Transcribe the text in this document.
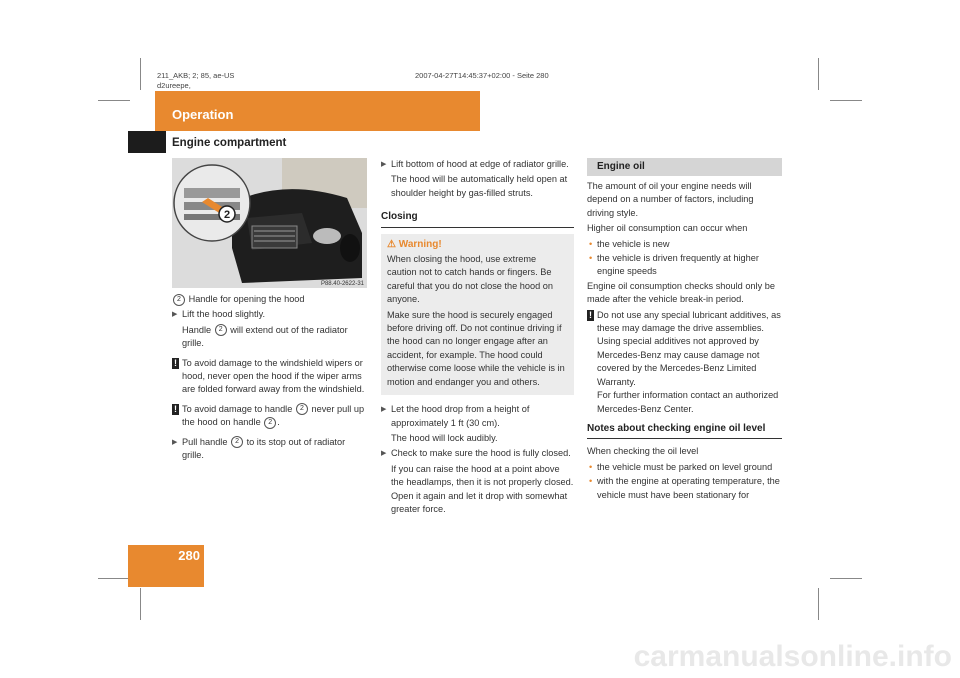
211_AKB; 2; 85, ae-US
d2ureepe,
2007-04-27T14:45:37+02:00 - Seite 280
Operation
Engine compartment
280
2
P88.40-2622-31

2 Handle for opening the hood

▶ Lift the hood slightly.
Handle 2 will extend out of the radiator grille.
! To avoid damage to the windshield wipers or hood, never open the hood if the wiper arms are folded forward away from the windshield.
! To avoid damage to handle 2 never pull up the hood on handle 2 .
▶ Pull handle 2 to its stop out of radiator grille.
▶ Lift bottom of hood at edge of radiator grille.
The hood will be automatically held open at shoulder height by gas-filled struts.
Closing
⚠ Warning!

When closing the hood, use extreme caution not to catch hands or fingers. Be careful that you do not close the hood on anyone.

Make sure the hood is securely engaged before driving off. Do not continue driving if the hood can no longer engage after an accident, for example. The hood could otherwise come loose while the vehicle is in motion and endanger you and others.

▶ Let the hood drop from a height of approximately 1 ft (30 cm).
The hood will lock audibly.
▶ Check to make sure the hood is fully closed.
If you can raise the hood at a point above the headlamps, then it is not properly closed. Open it again and let it drop with somewhat greater force.
Engine oil

The amount of oil your engine needs will depend on a number of factors, including driving style.

Higher oil consumption can occur when

• the vehicle is new
• the vehicle is driven frequently at higher engine speeds

Engine oil consumption checks should only be made after the vehicle break-in period.

! Do not use any special lubricant additives, as these may damage the drive assemblies. Using special additives not approved by Mercedes-Benz may cause damage not covered by the Mercedes-Benz Limited Warranty.
For further information contact an authorized Mercedes-Benz Center.
Notes about checking engine oil level

When checking the oil level

• the vehicle must be parked on level ground
• with the engine at operating temperature, the vehicle must have been stationary for
carmanualsonline.info
